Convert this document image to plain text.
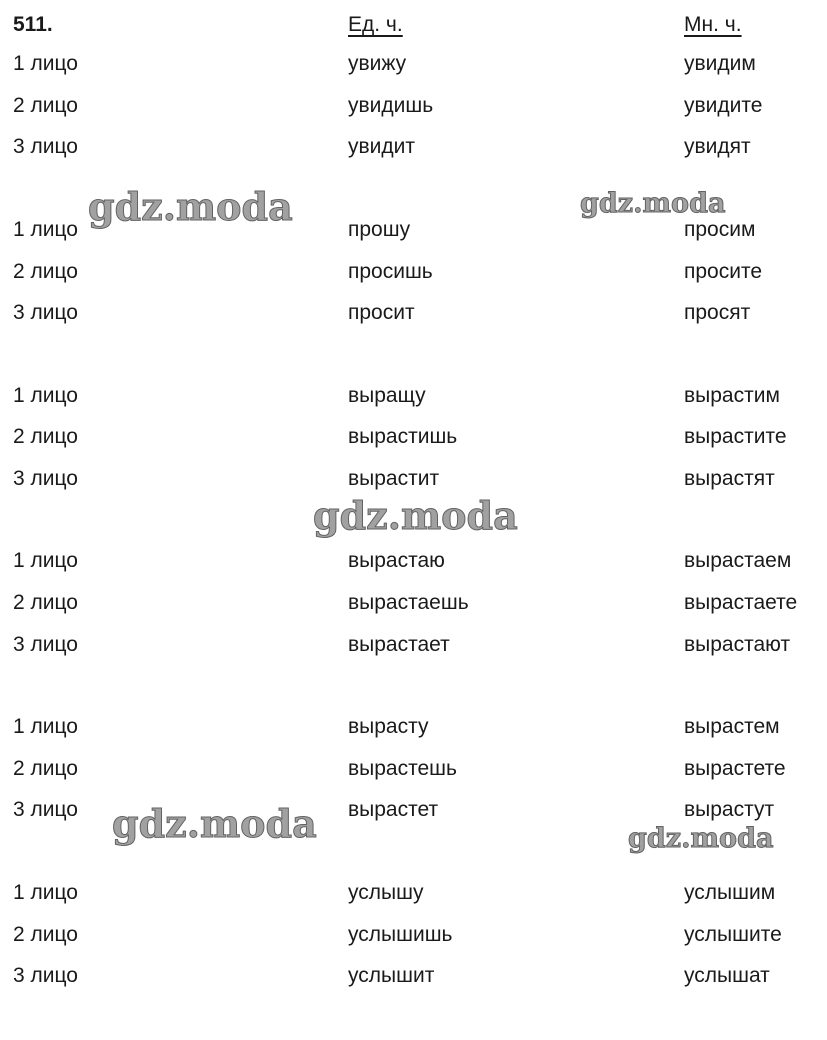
511.	Ед. ч.	Мн. ч.
1 лицо	увижу	увидим
2 лицо	увидишь	увидите
3 лицо	увидит	увидят
1 лицо	прошу	просим
2 лицо	просишь	просите
3 лицо	просит	просят
1 лицо	выращу	вырастим
2 лицо	вырастишь	вырастите
3 лицо	вырастит	вырастят
1 лицо	вырастаю	вырастаем
2 лицо	вырастаешь	вырастаете
3 лицо	вырастает	вырастают
1 лицо	вырасту	вырастем
2 лицо	вырастешь	вырастете
3 лицо	вырастет	вырастут
1 лицо	услышу	услышим
2 лицо	услышишь	услышите
3 лицо	услышит	услышат
gdz.moda	gdz.moda
gdz.moda
gdz.moda	gdz.moda
